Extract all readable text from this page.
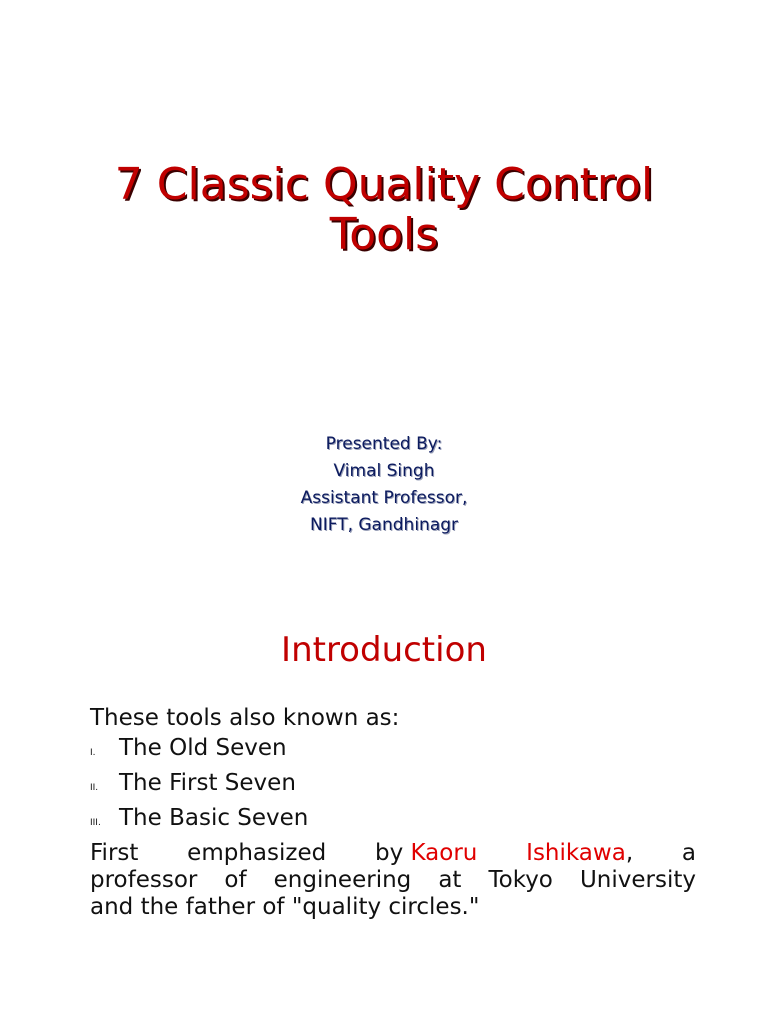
7 Classic Quality Control
Tools
Presented By:
Vimal Singh
Assistant Professor,
NIFT, Gandhinagr
Introduction
These tools also known as:
I.	The Old Seven
II. The First Seven
III. The Basic Seven
First emphasized by Kaoru Ishikawa, a
professor of engineering at Tokyo University
and the father of "quality circles."
